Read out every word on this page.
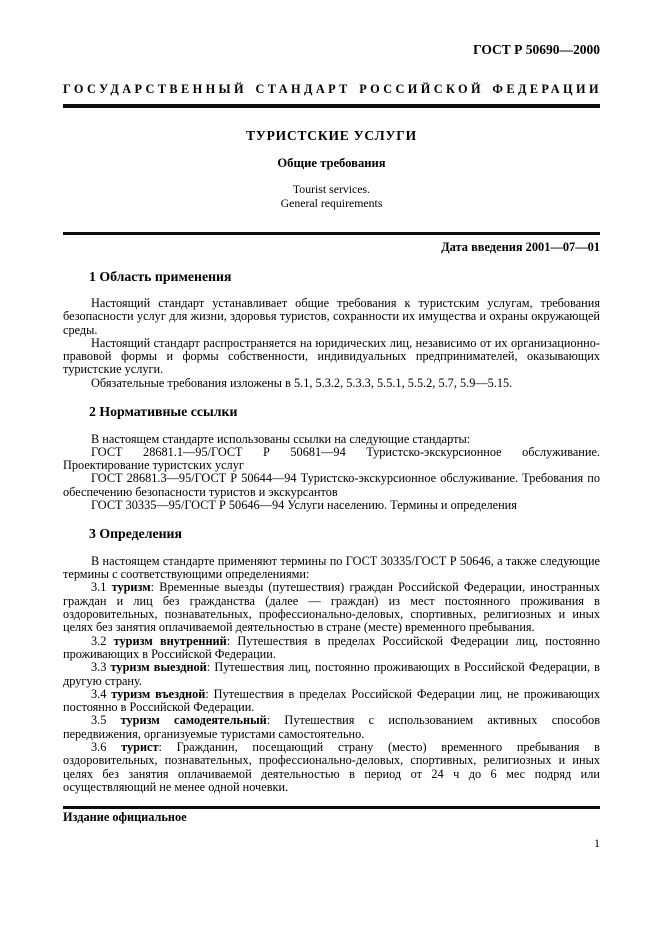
ГОСТ Р 50690—2000
ГОСУДАРСТВЕННЫЙ СТАНДАРТ РОССИЙСКОЙ ФЕДЕРАЦИИ
ТУРИСТСКИЕ УСЛУГИ
Общие требования
Tourist services.
General requirements
Дата введения 2001—07—01
1 Область применения

Настоящий стандарт устанавливает общие требования к туристским услугам, требования безопасности услуг для жизни, здоровья туристов, сохранности их имущества и охраны окружающей среды.

Настоящий стандарт распространяется на юридических лиц, независимо от их организационно-правовой формы и формы собственности, индивидуальных предпринимателей, оказывающих туристские услуги.

Обязательные требования изложены в 5.1, 5.3.2, 5.3.3, 5.5.1, 5.5.2, 5.7, 5.9—5.15.

2 Нормативные ссылки

В настоящем стандарте использованы ссылки на следующие стандарты:

ГОСТ 28681.1—95/ГОСТ Р 50681—94 Туристско-экскурсионное обслуживание. Проектирование туристских услуг

ГОСТ 28681.3—95/ГОСТ Р 50644—94 Туристско-экскурсионное обслуживание. Требования по обеспечению безопасности туристов и экскурсантов

ГОСТ 30335—95/ГОСТ Р 50646—94 Услуги населению. Термины и определения

3 Определения

В настоящем стандарте применяют термины по ГОСТ 30335/ГОСТ Р 50646, а также следующие термины с соответствующими определениями:

3.1 туризм: Временные выезды (путешествия) граждан Российской Федерации, иностранных граждан и лиц без гражданства (далее — граждан) из мест постоянного проживания в оздоровительных, познавательных, профессионально-деловых, спортивных, религиозных и иных целях без занятия оплачиваемой деятельностью в стране (месте) временного пребывания.

3.2 туризм внутренний: Путешествия в пределах Российской Федерации лиц, постоянно проживающих в Российской Федерации.

3.3 туризм выездной: Путешествия лиц, постоянно проживающих в Российской Федерации, в другую страну.

3.4 туризм въездной: Путешествия в пределах Российской Федерации лиц, не проживающих постоянно в Российской Федерации.

3.5 туризм самодеятельный: Путешествия с использованием активных способов передвижения, организуемые туристами самостоятельно.

3.6 турист: Гражданин, посещающий страну (место) временного пребывания в оздоровительных, познавательных, профессионально-деловых, спортивных, религиозных и иных целях без занятия оплачиваемой деятельностью в период от 24 ч до 6 мес подряд или осуществляющий не менее одной ночевки.

Издание официальное
1
